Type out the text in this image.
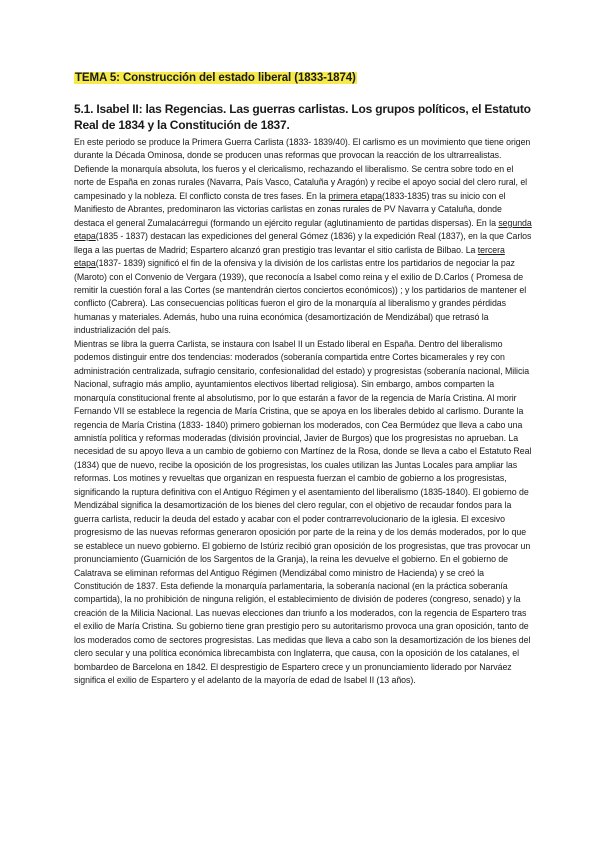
TEMA 5: Construcción del estado liberal (1833-1874)
5.1. Isabel II: las Regencias. Las guerras carlistas. Los grupos políticos, el Estatuto Real de 1834 y la Constitución de 1837.

En este periodo se produce la Primera Guerra Carlista (1833- 1839/40). El carlismo es un movimiento que tiene origen durante la Década Ominosa, donde se producen unas reformas que provocan la reacción de los ultrarrealistas. Defiende la monarquía absoluta, los fueros y el clericalismo, rechazando el liberalismo. Se centra sobre todo en el norte de España en zonas rurales (Navarra, País Vasco, Cataluña y Aragón) y recibe el apoyo social del clero rural, el campesinado y la nobleza. El conflicto consta de tres fases. En la primera etapa(1833-1835) tras su inicio con el Manifiesto de Abrantes, predominaron las victorias carlistas en zonas rurales de PV Navarra y Cataluña, donde destaca el general Zumalacárregui (formando un ejército regular (aglutinamiento de partidas dispersas). En la segunda etapa(1835 - 1837) destacan las expediciones del general Gómez (1836) y la expedición Real (1837), en la que Carlos llega a las puertas de Madrid; Espartero alcanzó gran prestigio tras levantar el sitio carlista de Bilbao. La tercera etapa(1837- 1839) significó el fin de la ofensiva y la división de los carlistas entre los partidarios de negociar la paz (Maroto) con el Convenio de Vergara (1939), que reconocía a Isabel como reina y el exilio de D.Carlos ( Promesa de remitir la cuestión foral a las Cortes (se mantendrán ciertos conciertos económicos)) ; y los partidarios de mantener el conflicto (Cabrera). Las consecuencias políticas fueron el giro de la monarquía al liberalismo y grandes pérdidas humanas y materiales. Además, hubo una ruina económica (desamortización de Mendizábal) que retrasó la industrialización del país.

Mientras se libra la guerra Carlista, se instaura con Isabel II un Estado liberal en España. Dentro del liberalismo podemos distinguir entre dos tendencias: moderados (soberanía compartida entre Cortes bicamerales y rey con administración centralizada, sufragio censitario, confesionalidad del estado) y progresistas (soberanía nacional, Milicia Nacional, sufragio más amplio, ayuntamientos electivos libertad religiosa). Sin embargo, ambos comparten la monarquía constitucional frente al absolutismo, por lo que estarán a favor de la regencia de María Cristina. Al morir Fernando VII se establece la regencia de María Cristina, que se apoya en los liberales debido al carlismo. Durante la regencia de María Cristina (1833- 1840) primero gobiernan los moderados, con Cea Bermúdez que lleva a cabo una amnistía política y reformas moderadas (división provincial, Javier de Burgos) que los progresistas no aprueban. La necesidad de su apoyo lleva a un cambio de gobierno con Martínez de la Rosa, donde se lleva a cabo el Estatuto Real (1834) que de nuevo, recibe la oposición de los progresistas, los cuales utilizan las Juntas Locales para ampliar las reformas. Los motines y revueltas que organizan en respuesta fuerzan el cambio de gobierno a los progresistas, significando la ruptura definitiva con el Antiguo Régimen y el asentamiento del liberalismo (1835-1840). El gobierno de Mendizábal significa la desamortización de los bienes del clero regular, con el objetivo de recaudar fondos para la guerra carlista, reducir la deuda del estado y acabar con el poder contrarrevolucionario de la iglesia. El excesivo progresismo de las nuevas reformas generaron oposición por parte de la reina y de los demás moderados, por lo que se establece un nuevo gobierno. El gobierno de Istúriz recibió gran oposición de los progresistas, que tras provocar un pronunciamiento (Guarnición de los Sargentos de la Granja), la reina les devuelve el gobierno. En el gobierno de Calatrava se eliminan reformas del Antiguo Régimen (Mendizábal como ministro de Hacienda) y se creó la Constitución de 1837. Esta defiende la monarquía parlamentaria, la soberanía nacional (en la práctica soberanía compartida), la no prohibición de ninguna religión, el establecimiento de división de poderes (congreso, senado) y la creación de la Milicia Nacional. Las nuevas elecciones dan triunfo a los moderados, con la regencia de Espartero tras el exilio de María Cristina. Su gobierno tiene gran prestigio pero su autoritarismo provoca una gran oposición, tanto de los moderados como de sectores progresistas. Las medidas que lleva a cabo son la desamortización de los bienes del clero secular y una política económica librecambista con Inglaterra, que causa, con la oposición de los catalanes, el bombardeo de Barcelona en 1842. El desprestigio de Espartero crece y un pronunciamiento liderado por Narváez significa el exilio de Espartero y el adelanto de la mayoría de edad de Isabel II (13 años).
